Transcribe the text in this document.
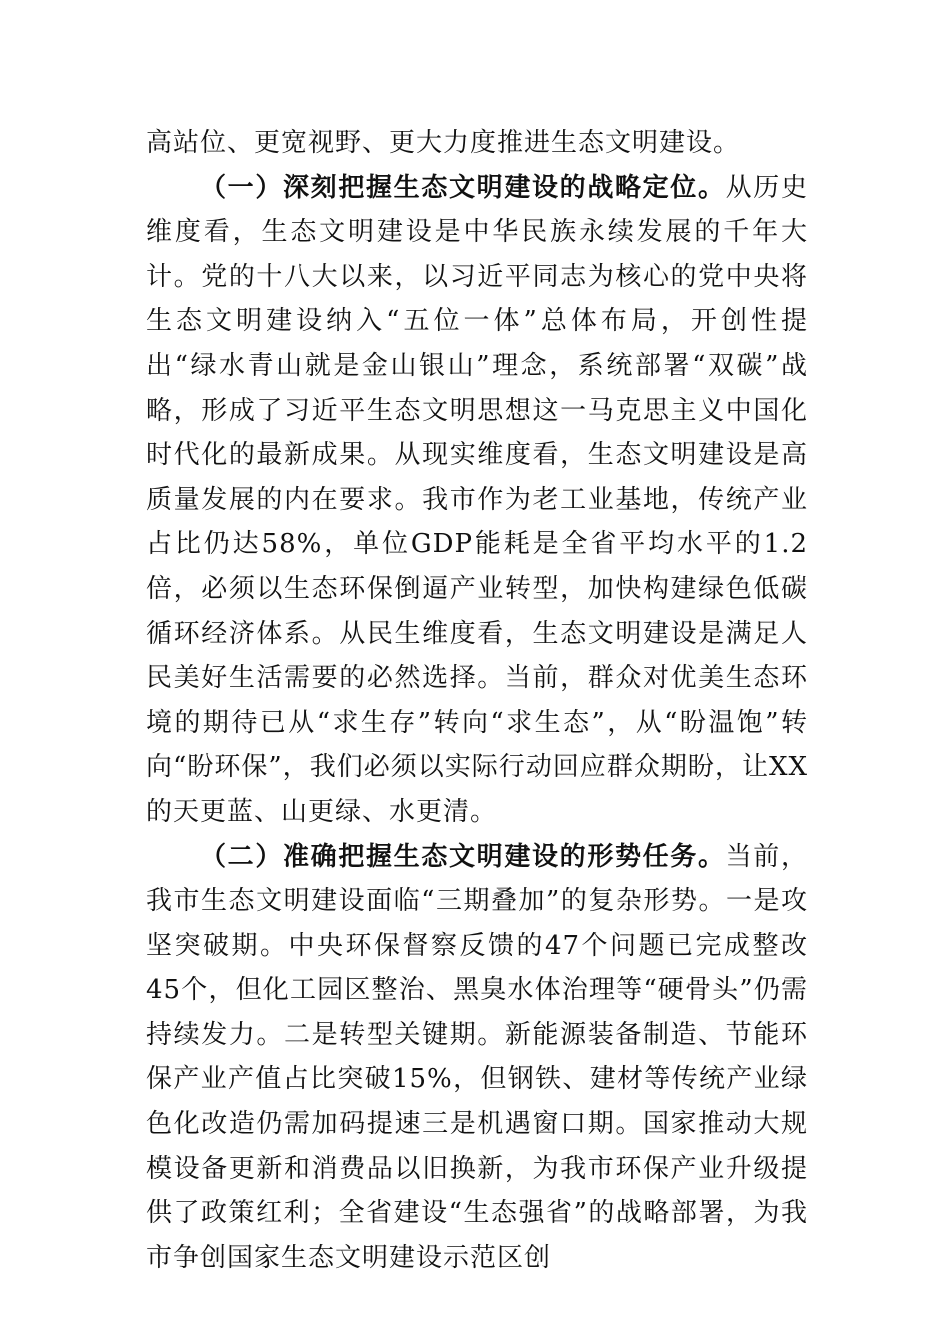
高站位、更宽视野、更大力度推进生态文明建设。

（一）深刻把握生态文明建设的战略定位。从历史维度看，生态文明建设是中华民族永续发展的千年大计。党的十八大以来，以习近平同志为核心的党中央将生态文明建设纳入“五位一体”总体布局，开创性提出“绿水青山就是金山银山”理念，系统部署“双碳”战略，形成了习近平生态文明思想这一马克思主义中国化时代化的最新成果。从现实维度看，生态文明建设是高质量发展的内在要求。我市作为老工业基地，传统产业占比仍达58%，单位GDP能耗是全省平均水平的1.2倍，必须以生态环保倒逼产业转型，加快构建绿色低碳循环经济体系。从民生维度看，生态文明建设是满足人民美好生活需要的必然选择。当前，群众对优美生态环境的期待已从“求生存”转向“求生态”，从“盼温饱”转向“盼环保”，我们必须以实际行动回应群众期盼，让XX的天更蓝、山更绿、水更清。

（二）准确把握生态文明建设的形势任务。当前，我市生态文明建设面临“三期叠加”的复杂形势。一是攻坚突破期。中央环保督察反馈的47个问题已完成整改45个，但化工园区整治、黑臭水体治理等“硬骨头”仍需持续发力。二是转型关键期。新能源装备制造、节能环保产业产值占比突破15%，但钢铁、建材等传统产业绿色化改造仍需加码提速三是机遇窗口期。国家推动大规模设备更新和消费品以旧换新，为我市环保产业升级提供了政策红利；全省建设“生态强省”的战略部署，为我市争创国家生态文明建设示范区创
